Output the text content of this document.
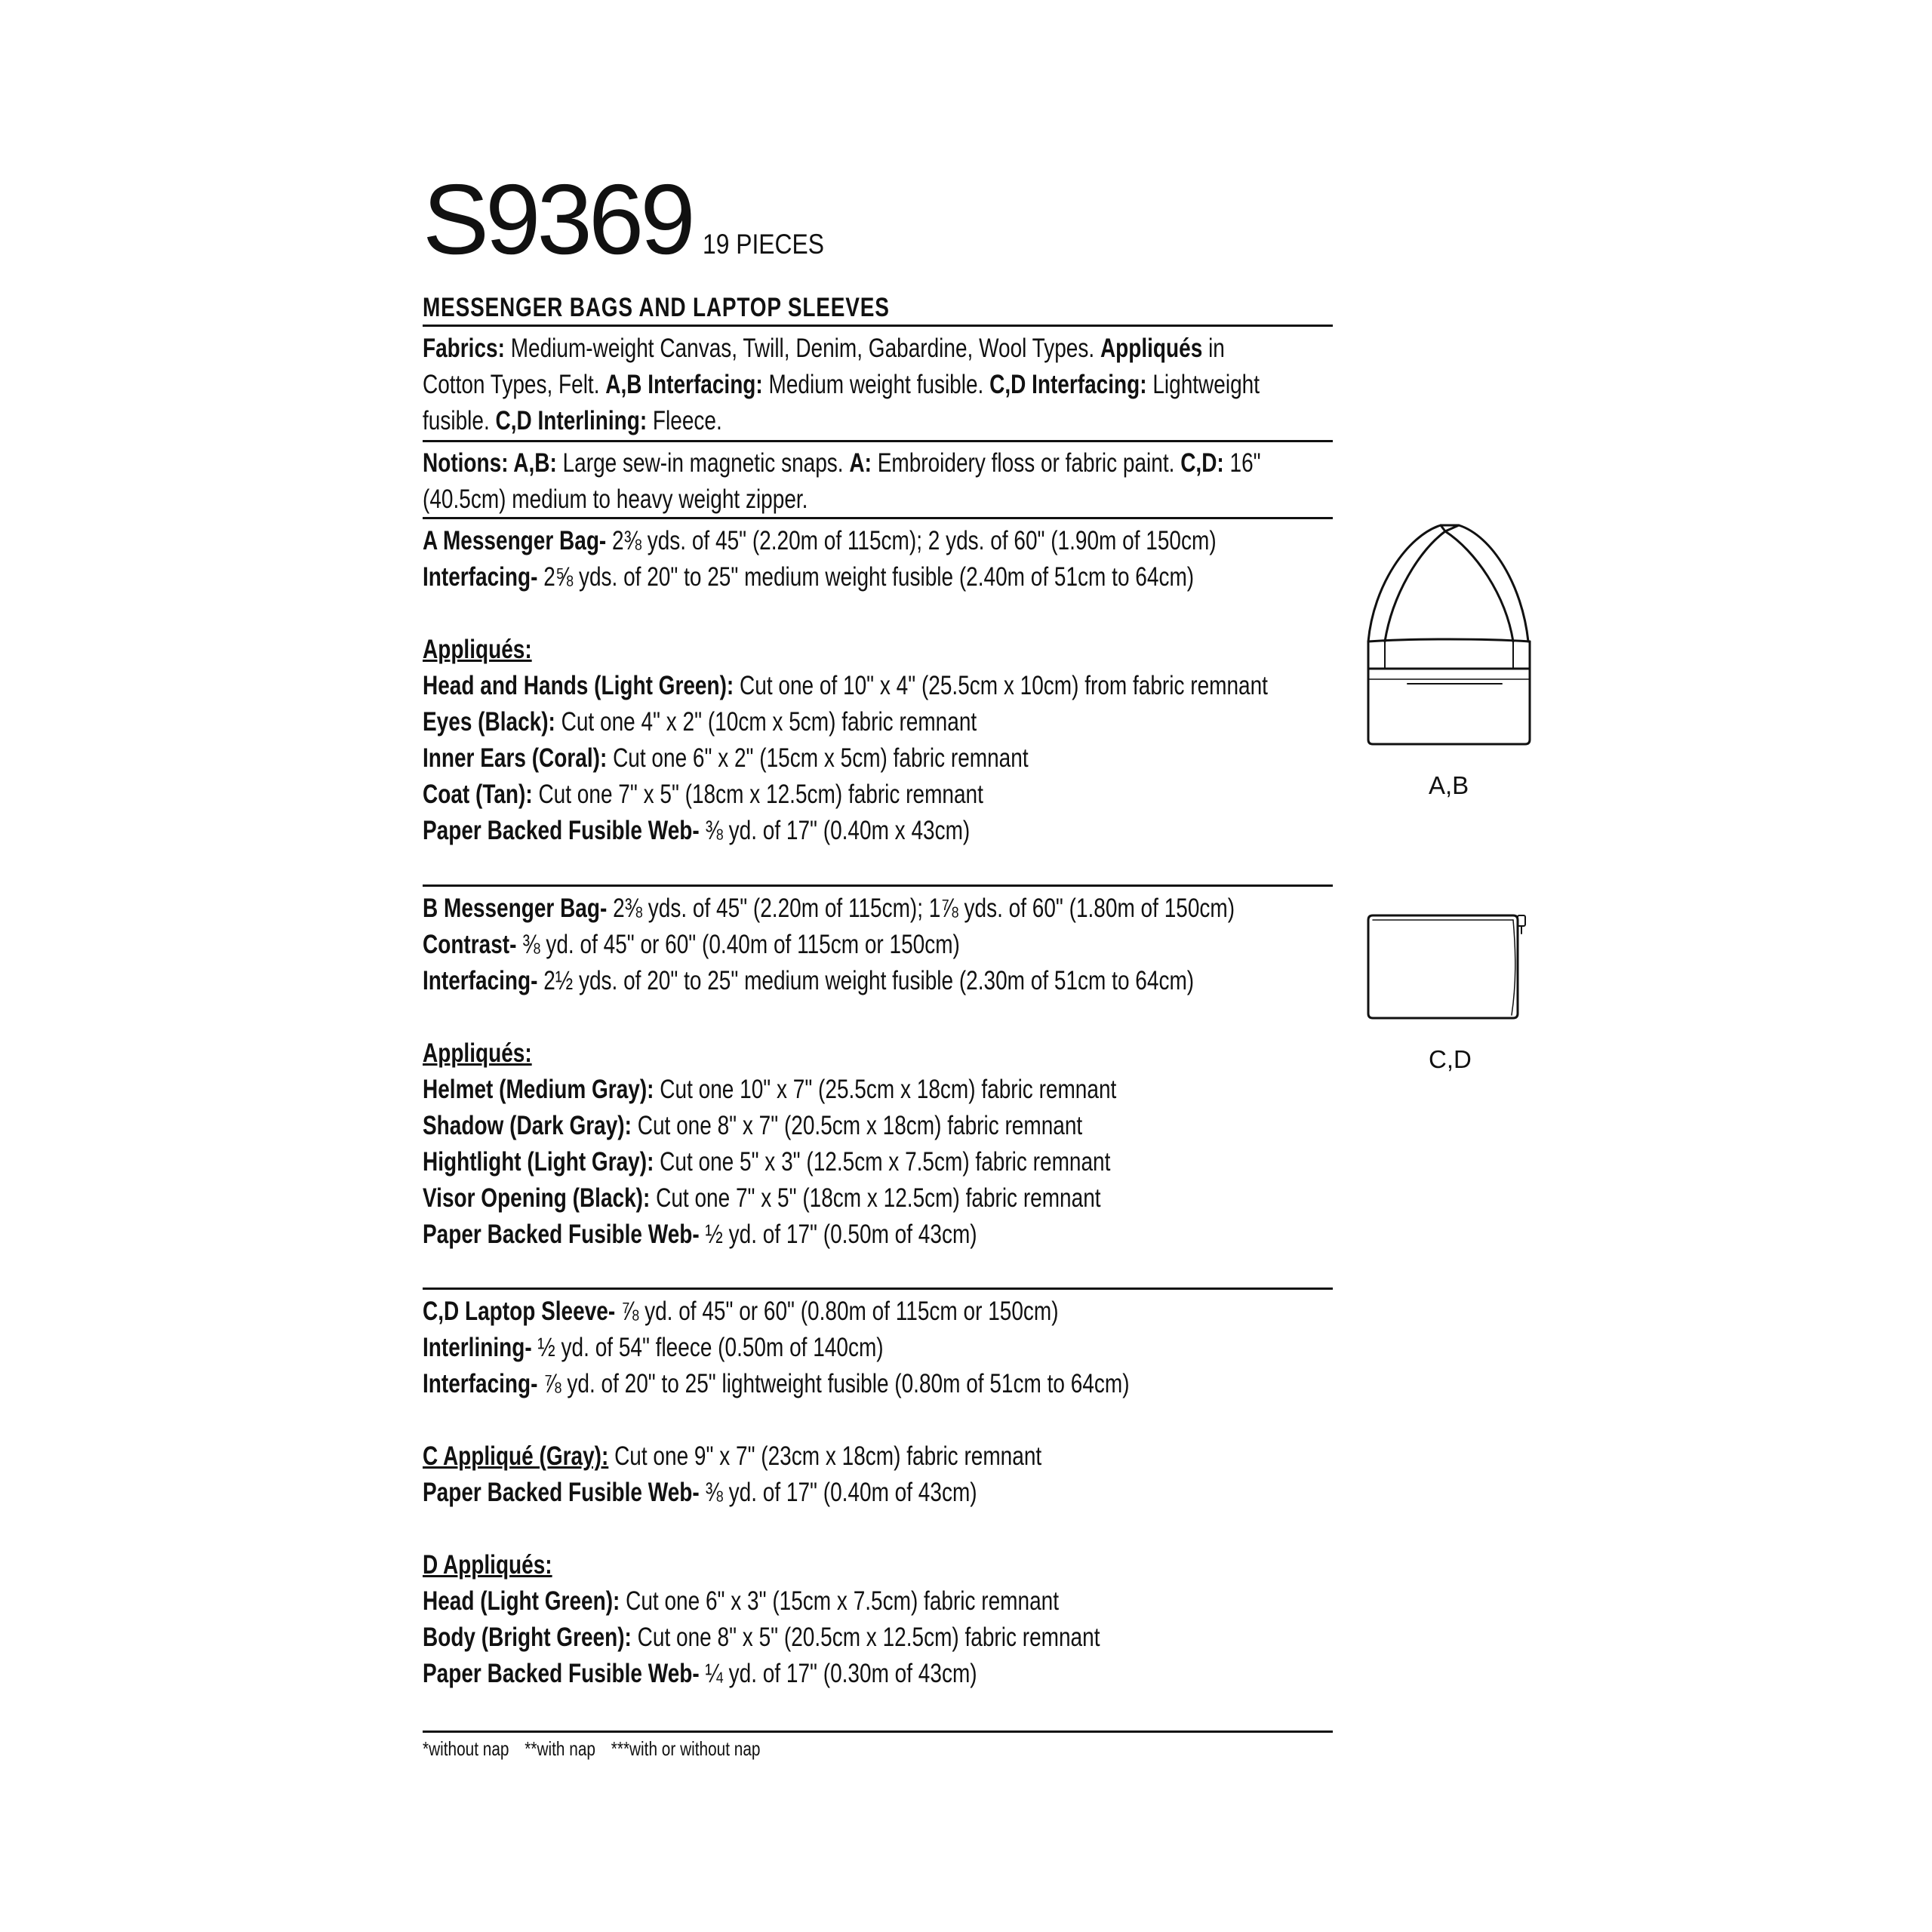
S9369 19 PIECES
MESSENGER BAGS AND LAPTOP SLEEVES
Fabrics: Medium-weight Canvas, Twill, Denim, Gabardine, Wool Types. Appliqués in
Cotton Types, Felt. A,B Interfacing: Medium weight fusible. C,D Interfacing: Lightweight
fusible. C,D Interlining: Fleece.
Notions: A,B: Large sew-in magnetic snaps. A: Embroidery floss or fabric paint. C,D: 16"
(40.5cm) medium to heavy weight zipper.
A Messenger Bag- 2⅜ yds. of 45" (2.20m of 115cm); 2 yds. of 60" (1.90m of 150cm)
Interfacing- 2⅝ yds. of 20" to 25" medium weight fusible (2.40m of 51cm to 64cm)

Appliqués:
Head and Hands (Light Green): Cut one of 10" x 4" (25.5cm x 10cm) from fabric remnant
Eyes (Black): Cut one 4" x 2" (10cm x 5cm) fabric remnant
Inner Ears (Coral): Cut one 6" x 2" (15cm x 5cm) fabric remnant
Coat (Tan): Cut one 7" x 5" (18cm x 12.5cm) fabric remnant
Paper Backed Fusible Web- ⅜ yd. of 17" (0.40m x 43cm)
B Messenger Bag- 2⅜ yds. of 45" (2.20m of 115cm); 1⅞ yds. of 60" (1.80m of 150cm)
Contrast- ⅜ yd. of 45" or 60" (0.40m of 115cm or 150cm)
Interfacing- 2½ yds. of 20" to 25" medium weight fusible (2.30m of 51cm to 64cm)

Appliqués:
Helmet (Medium Gray): Cut one 10" x 7" (25.5cm x 18cm) fabric remnant
Shadow (Dark Gray): Cut one 8" x 7" (20.5cm x 18cm) fabric remnant
Hightlight (Light Gray): Cut one 5" x 3" (12.5cm x 7.5cm) fabric remnant
Visor Opening (Black): Cut one 7" x 5" (18cm x 12.5cm) fabric remnant
Paper Backed Fusible Web- ½ yd. of 17" (0.50m of 43cm)
C,D Laptop Sleeve- ⅞ yd. of 45" or 60" (0.80m of 115cm or 150cm)
Interlining- ½ yd. of 54" fleece (0.50m of 140cm)
Interfacing- ⅞ yd. of 20" to 25" lightweight fusible (0.80m of 51cm to 64cm)

C Appliqué (Gray): Cut one 9" x 7" (23cm x 18cm) fabric remnant
Paper Backed Fusible Web- ⅜ yd. of 17" (0.40m of 43cm)

D Appliqués:
Head (Light Green): Cut one 6" x 3" (15cm x 7.5cm) fabric remnant
Body (Bright Green): Cut one 8" x 5" (20.5cm x 12.5cm) fabric remnant
Paper Backed Fusible Web- ¼ yd. of 17" (0.30m of 43cm)
*without nap **with nap ***with or without nap
A,B
C,D
